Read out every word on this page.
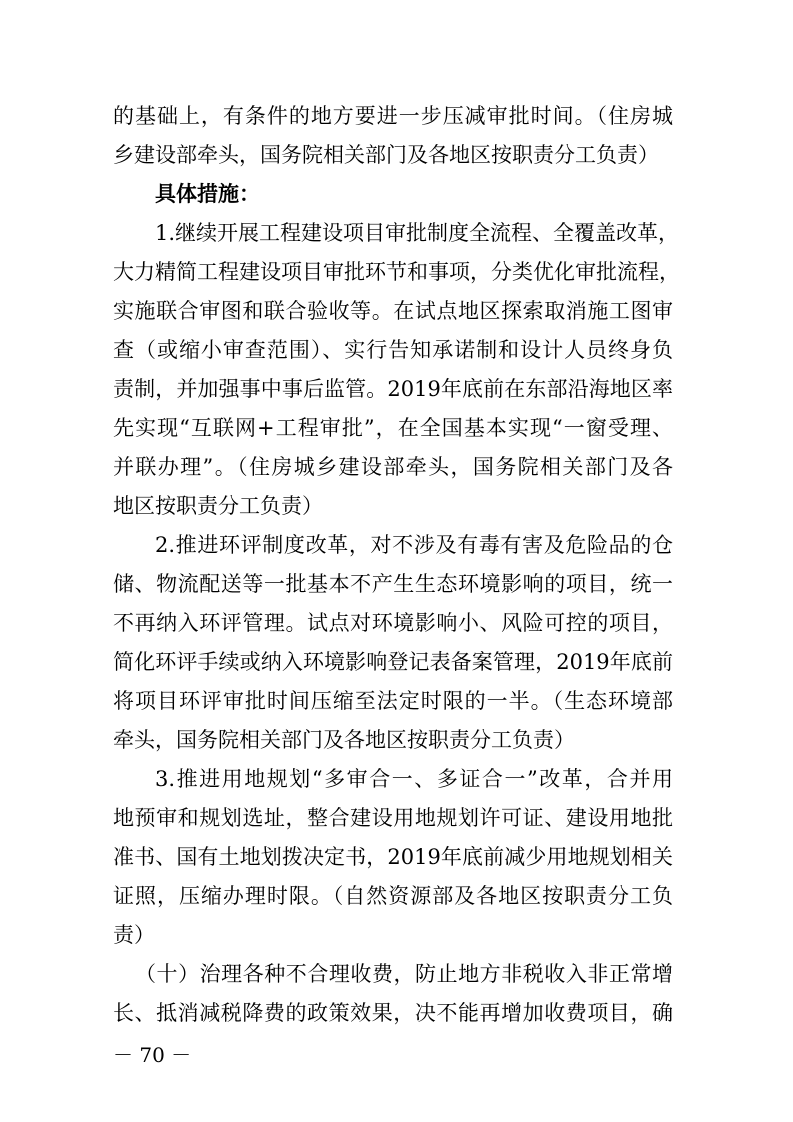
的基础上，有条件的地方要进一步压减审批时间。（住房城
乡建设部牵头，国务院相关部门及各地区按职责分工负责）
具体措施：
1.继续开展工程建设项目审批制度全流程、全覆盖改革，
大力精简工程建设项目审批环节和事项，分类优化审批流程，
实施联合审图和联合验收等。在试点地区探索取消施工图审
查（或缩小审查范围）、实行告知承诺制和设计人员终身负
责制，并加强事中事后监管。2019年底前在东部沿海地区率
先实现“互联网+工程审批”，在全国基本实现“一窗受理、
并联办理”。（住房城乡建设部牵头，国务院相关部门及各
地区按职责分工负责）
2.推进环评制度改革，对不涉及有毒有害及危险品的仓
储、物流配送等一批基本不产生生态环境影响的项目，统一
不再纳入环评管理。试点对环境影响小、风险可控的项目，
简化环评手续或纳入环境影响登记表备案管理，2019年底前
将项目环评审批时间压缩至法定时限的一半。（生态环境部
牵头，国务院相关部门及各地区按职责分工负责）
3.推进用地规划“多审合一、多证合一”改革，合并用
地预审和规划选址，整合建设用地规划许可证、建设用地批
准书、国有土地划拨决定书，2019年底前减少用地规划相关
证照，压缩办理时限。（自然资源部及各地区按职责分工负
责）
（十）治理各种不合理收费，防止地方非税收入非正常增
长、抵消减税降费的政策效果，决不能再增加收费项目，确
－ 70 －
